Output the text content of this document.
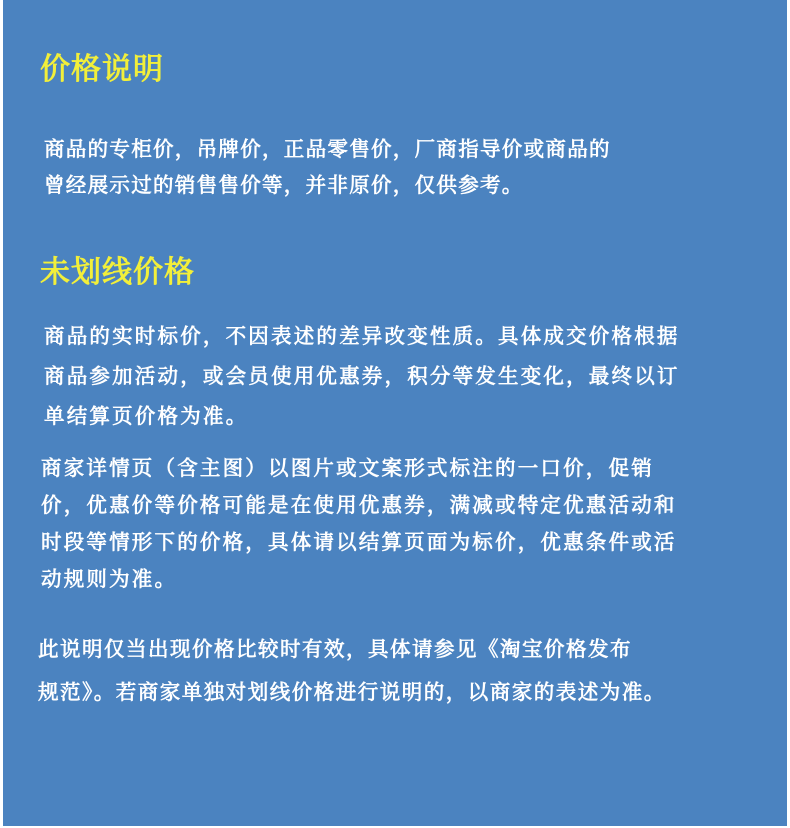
价格说明

商品的专柜价，吊牌价，正品零售价，厂商指导价或商品的
曾经展示过的销售售价等，并非原价，仅供参考。

未划线价格

商品的实时标价，不因表述的差异改变性质。具体成交价格根据
商品参加活动，或会员使用优惠券，积分等发生变化，最终以订
单结算页价格为准。

商家详情页（含主图）以图片或文案形式标注的一口价，促销
价，优惠价等价格可能是在使用优惠券，满减或特定优惠活动和
时段等情形下的价格，具体请以结算页面为标价，优惠条件或活
动规则为准。

此说明仅当出现价格比较时有效，具体请参见《淘宝价格发布
规范》。若商家单独对划线价格进行说明的，以商家的表述为准。
